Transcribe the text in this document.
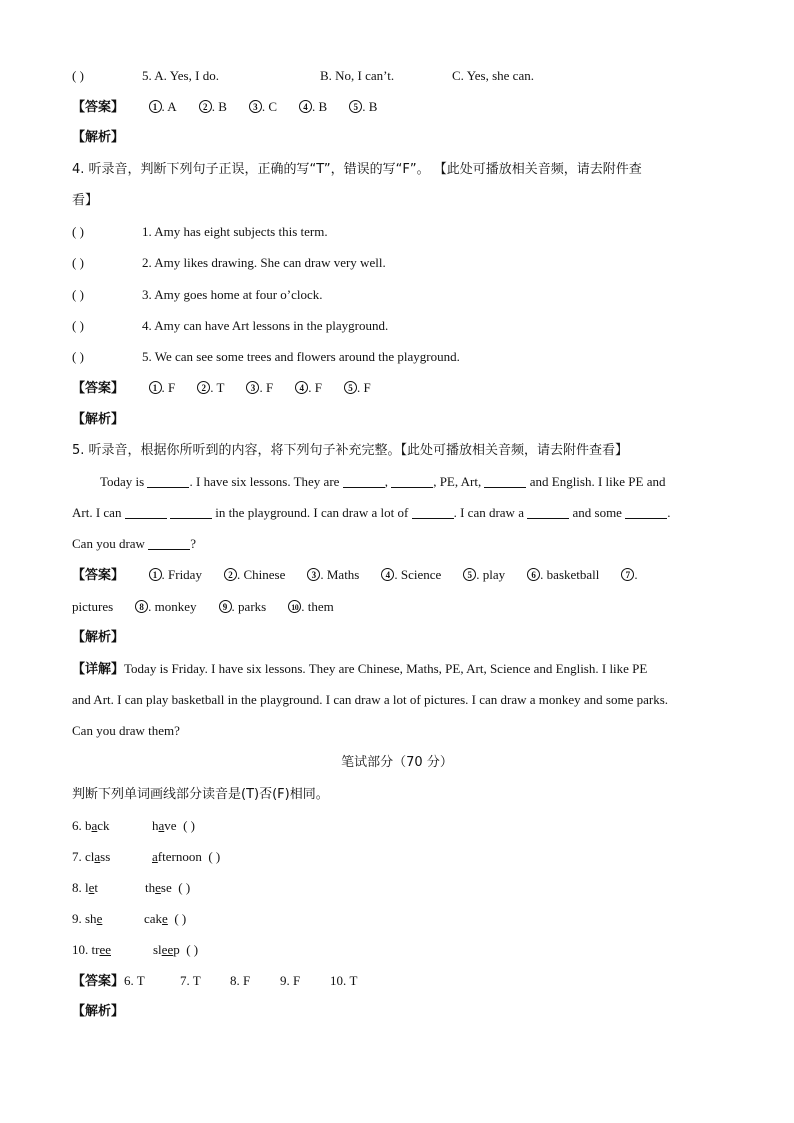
( )	5. A. Yes, I do.	B. No, I can’t.	C. Yes, she can.
【答案】	1 . A	2 . B	3 . C	4 . B	5 . B
【解析】
4. 听录音，判断下列句子正误，正确的写“T”，错误的写“F”。 【此处可播放相关音频，请去附件查
看】
( )	1. Amy has eight subjects this term.
( )	2. Amy likes drawing. She can draw very well.
( )	3. Amy goes home at four o’clock.
( )	4. Amy can have Art lessons in the playground.
( )	5. We can see some trees and flowers around the playground.
【答案】	1 . F	2 . T	3 . F	4 . F	5 . F
【解析】
5. 听录音，根据你所听到的内容，将下列句子补充完整。【此处可播放相关音频，请去附件查看】
Today is	. I have six lessons. They are	,	, PE, Art,	and English. I like PE and
Art. I can	in the playground. I can draw a lot of	. I can draw a	and some	.
Can you draw	?
【答案】	1 . Friday	2 . Chinese	3 . Maths	4 . Science	5 . play	6 . basketball	7 .
pictures	8 . monkey	9 . parks	10 . them
【解析】
【详解】Today is Friday. I have six lessons. They are Chinese, Maths, PE, Art, Science and English. I like PE
and Art. I can play basketball in the playground. I can draw a lot of pictures. I can draw a monkey and some parks.
Can you draw them?
笔试部分（70 分）
判断下列单词画线部分读音是(T)否(F)相同。
6. back	have ( )
7. class	afternoon ( )
8. let	these ( )
9. she	cake ( )
10. tree	sleep ( )
【答案】6. T	7. T 8. F 9. F 10. T
【解析】
